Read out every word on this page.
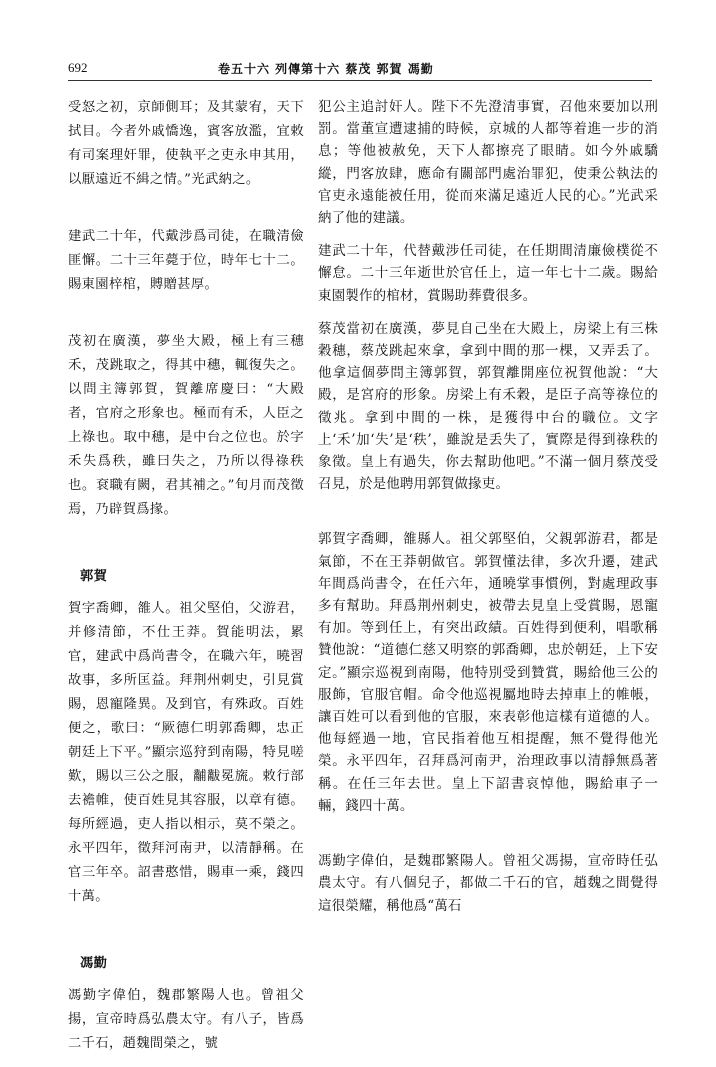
692	卷五十六 列傳第十六 蔡茂 郭賀 馮勤

受怒之初，京師側耳；及其蒙宥，天下拭目。今者外戚憍逸，賓客放濫，宜敕有司案理奸罪，使執平之吏永申其用，以厭遠近不緝之情。”光武納之。

建武二十年，代戴涉爲司徒，在職清儉匪懈。二十三年薨于位，時年七十二。賜東園梓棺，賻贈甚厚。

茂初在廣漢，夢坐大殿，極上有三穗禾，茂跳取之，得其中穗，輒復失之。以問主簿郭賀，賀離席慶曰：“大殿者，官府之形象也。極而有禾，人臣之上祿也。取中穗，是中台之位也。於字禾失爲秩，雖曰失之，乃所以得祿秩也。袞職有闕，君其補之。”旬月而茂徵焉，乃辟賀爲掾。

郭賀

賀字喬卿，雒人。祖父堅伯，父游君，并修清節，不仕王莽。賀能明法，累官，建武中爲尚書令，在職六年，曉習故事，多所匡益。拜荆州刺史，引見賞賜，恩寵隆異。及到官，有殊政。百姓便之，歌曰：“厥德仁明郭喬卿，忠正朝廷上下平。”顯宗巡狩到南陽，特見嗟歎，賜以三公之服，黼黻冕旒。敕行部去襜帷，使百姓見其容服，以章有德。每所經過，吏人指以相示，莫不榮之。永平四年，徵拜河南尹，以清靜稱。在官三年卒。詔書憨惜，賜車一乘，錢四十萬。

馮勤

馮勤字偉伯，魏郡繁陽人也。曾祖父揚，宣帝時爲弘農太守。有八子，皆爲二千石，趙魏間榮之，號

犯公主追討奸人。陛下不先澄清事實，召他來要加以刑罰。當董宣遭逮捕的時候，京城的人都等着進一步的消息；等他被赦免，天下人都擦亮了眼睛。如今外戚驕縱，門客放肆，應命有關部門處治罪犯，使秉公執法的官吏永遠能被任用，從而來滿足遠近人民的心。”光武采納了他的建議。

建武二十年，代替戴涉任司徒，在任期間清廉儉樸從不懈怠。二十三年逝世於官任上，這一年七十二歲。賜給東園製作的棺材，賞賜助葬費很多。

蔡茂當初在廣漢，夢見自己坐在大殿上，房梁上有三株穀穗，蔡茂跳起來拿，拿到中間的那一棵，又弄丢了。他拿這個夢問主簿郭賀，郭賀離開座位祝賀他說：“大殿，是宮府的形象。房梁上有禾穀，是臣子高等祿位的徵兆。拿到中間的一株，是獲得中台的職位。文字上‘禾’加‘失’是‘秩’，雖說是丢失了，實際是得到祿秩的象徵。皇上有過失，你去幫助他吧。”不滿一個月蔡茂受召見，於是他聘用郭賀做掾吏。

郭賀字喬卿，雒縣人。祖父郭堅伯，父親郭游君，都是氣節，不在王莽朝做官。郭賀懂法律，多次升遷，建武年間爲尚書令，在任六年，通曉掌事慣例，對處理政事多有幫助。拜爲荆州刺史，被帶去見皇上受賞賜，恩寵有加。等到任上，有突出政績。百姓得到便利，唱歌稱贊他說：“道德仁慈又明察的郭喬卿，忠於朝廷，上下安定。”顯宗巡視到南陽，他特別受到贊賞，賜給他三公的服飾，官服官帽。命令他巡視屬地時去掉車上的帷帳，讓百姓可以看到他的官服，來表彰他這樣有道德的人。他每經過一地，官民指着他互相提醒，無不覺得他光榮。永平四年，召拜爲河南尹，治理政事以清靜無爲著稱。在任三年去世。皇上下詔書哀悼他，賜給車子一輛，錢四十萬。

馮勤字偉伯，是魏郡繁陽人。曾祖父馮揚，宣帝時任弘農太守。有八個兒子，都做二千石的官，趙魏之間覺得這很榮耀，稱他爲“萬石
